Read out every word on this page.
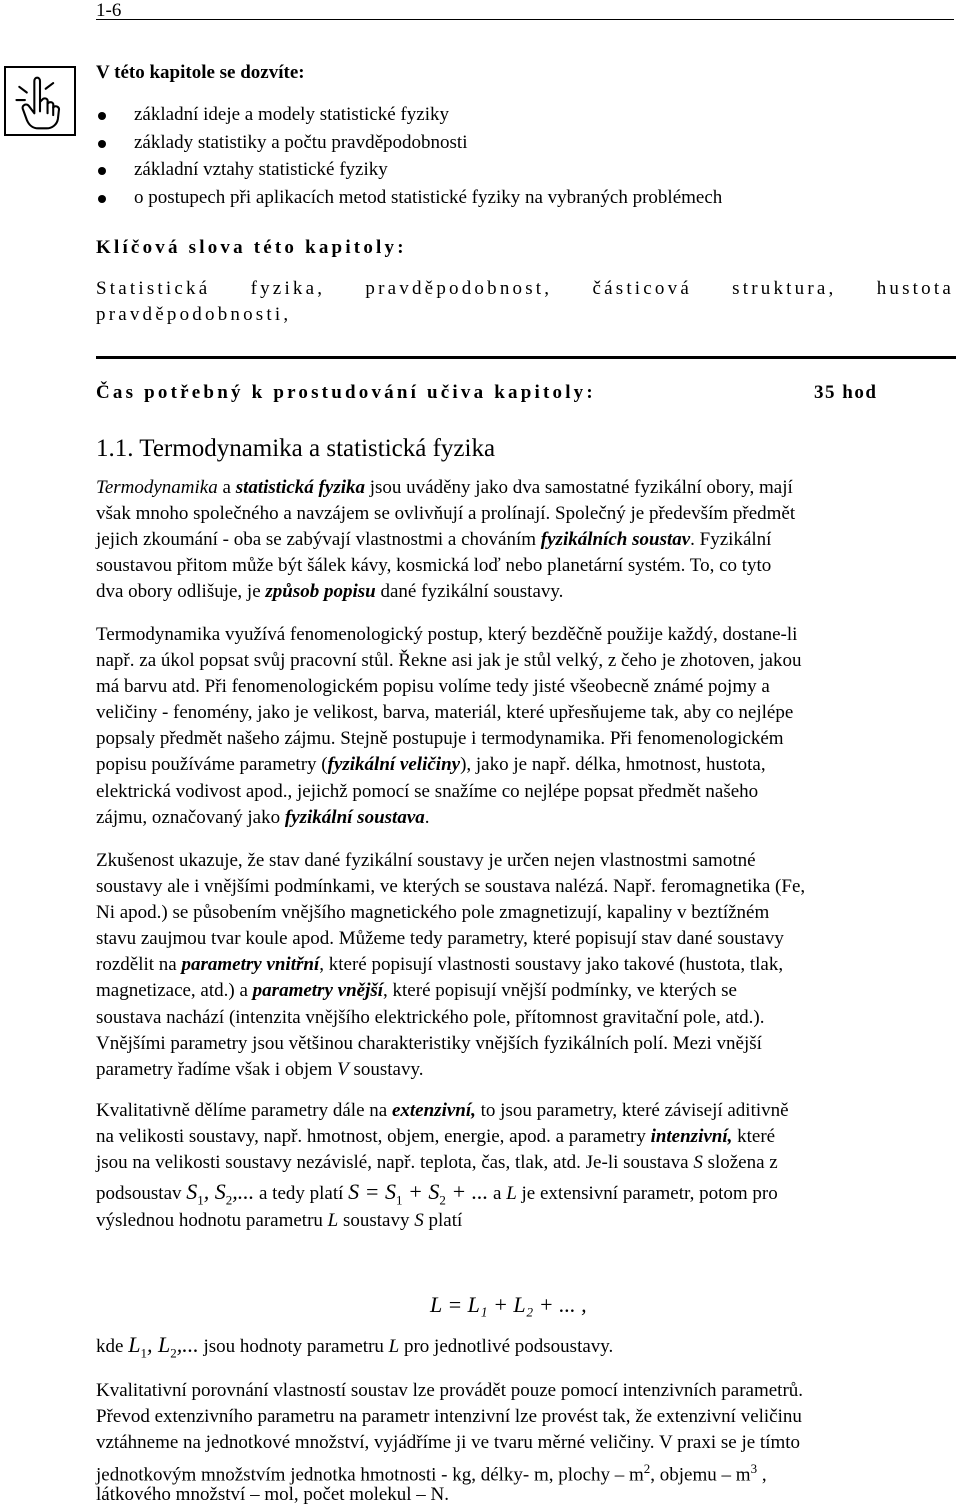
1-6
V této kapitole se dozvíte:
základní ideje a modely statistické fyziky
základy statistiky a počtu pravděpodobnosti
základní vztahy statistické fyziky
o postupech při aplikacích metod statistické fyziky na vybraných problémech
Klíčová slova této kapitoly:
Statistická fyzika, pravděpodobnost, částicová struktura, hustota
pravděpodobnosti,
Čas potřebný k prostudování učiva kapitoly:	35 hod
1.1. Termodynamika a statistická fyzika
Termodynamika a statistická fyzika jsou uváděny jako dva samostatné fyzikální obory, mají
však mnoho společného a navzájem se ovlivňují a prolínají. Společný je především předmět
jejich zkoumání - oba se zabývají vlastnostmi a chováním fyzikálních soustav. Fyzikální
soustavou přitom může být šálek kávy, kosmická loď nebo planetární systém. To, co tyto
dva obory odlišuje, je způsob popisu dané fyzikální soustavy.
Termodynamika využívá fenomenologický postup, který bezděčně použije každý, dostane-li
např. za úkol popsat svůj pracovní stůl. Řekne asi jak je stůl velký, z čeho je zhotoven, jakou
má barvu atd. Při fenomenologickém popisu volíme tedy jisté všeobecně známé pojmy a
veličiny - fenomény, jako je velikost, barva, materiál, které upřesňujeme tak, aby co nejlépe
popsaly předmět našeho zájmu. Stejně postupuje i termodynamika. Při fenomenologickém
popisu používáme parametry (fyzikální veličiny), jako je např. délka, hmotnost, hustota,
elektrická vodivost apod., jejichž pomocí se snažíme co nejlépe popsat předmět našeho
zájmu, označovaný jako fyzikální soustava.
Zkušenost ukazuje, že stav dané fyzikální soustavy je určen nejen vlastnostmi samotné
soustavy ale i vnějšími podmínkami, ve kterých se soustava nalézá. Např. feromagnetika (Fe,
Ni apod.) se působením vnějšího magnetického pole zmagnetizují, kapaliny v beztížném
stavu zaujmou tvar koule apod. Můžeme tedy parametry, které popisují stav dané soustavy
rozdělit na parametry vnitřní, které popisují vlastnosti soustavy jako takové (hustota, tlak,
magnetizace, atd.) a parametry vnější, které popisují vnější podmínky, ve kterých se
soustava nachází (intenzita vnějšího elektrického pole, přítomnost gravitační pole, atd.).
Vnějšími parametry jsou většinou charakteristiky vnějších fyzikálních polí. Mezi vnější
parametry řadíme však i objem V soustavy.
Kvalitativně dělíme parametry dále na extenzivní, to jsou parametry, které závisejí aditivně
na velikosti soustavy, např. hmotnost, objem, energie, apod. a parametry intenzivní, které
jsou na velikosti soustavy nezávislé, např. teplota, čas, tlak, atd. Je-li soustava S složena z
podsoustav $S_1$, $S_2$,... a tedy platí $S = S_1 + S_2$ + ... a L je extensivní parametr, potom pro
výslednou hodnotu parametru L soustavy S platí
L = L₁ + L₂ + ... ,
kde $L_1$, $L_2$,... jsou hodnoty parametru L pro jednotlivé podsoustavy.
Kvalitativní porovnání vlastností soustav lze provádět pouze pomocí intenzivních parametrů.
Převod extenzivního parametru na parametr intenzivní lze provést tak, že extenzivní veličinu
vztáhneme na jednotkové množství, vyjádříme ji ve tvaru měrné veličiny. V praxi se je tímto
jednotkovým množstvím jednotka hmotnosti - kg, délky- m, plochy – $m^2$, objemu – $m^3$ ,
látkového množství – mol, počet molekul – N.
